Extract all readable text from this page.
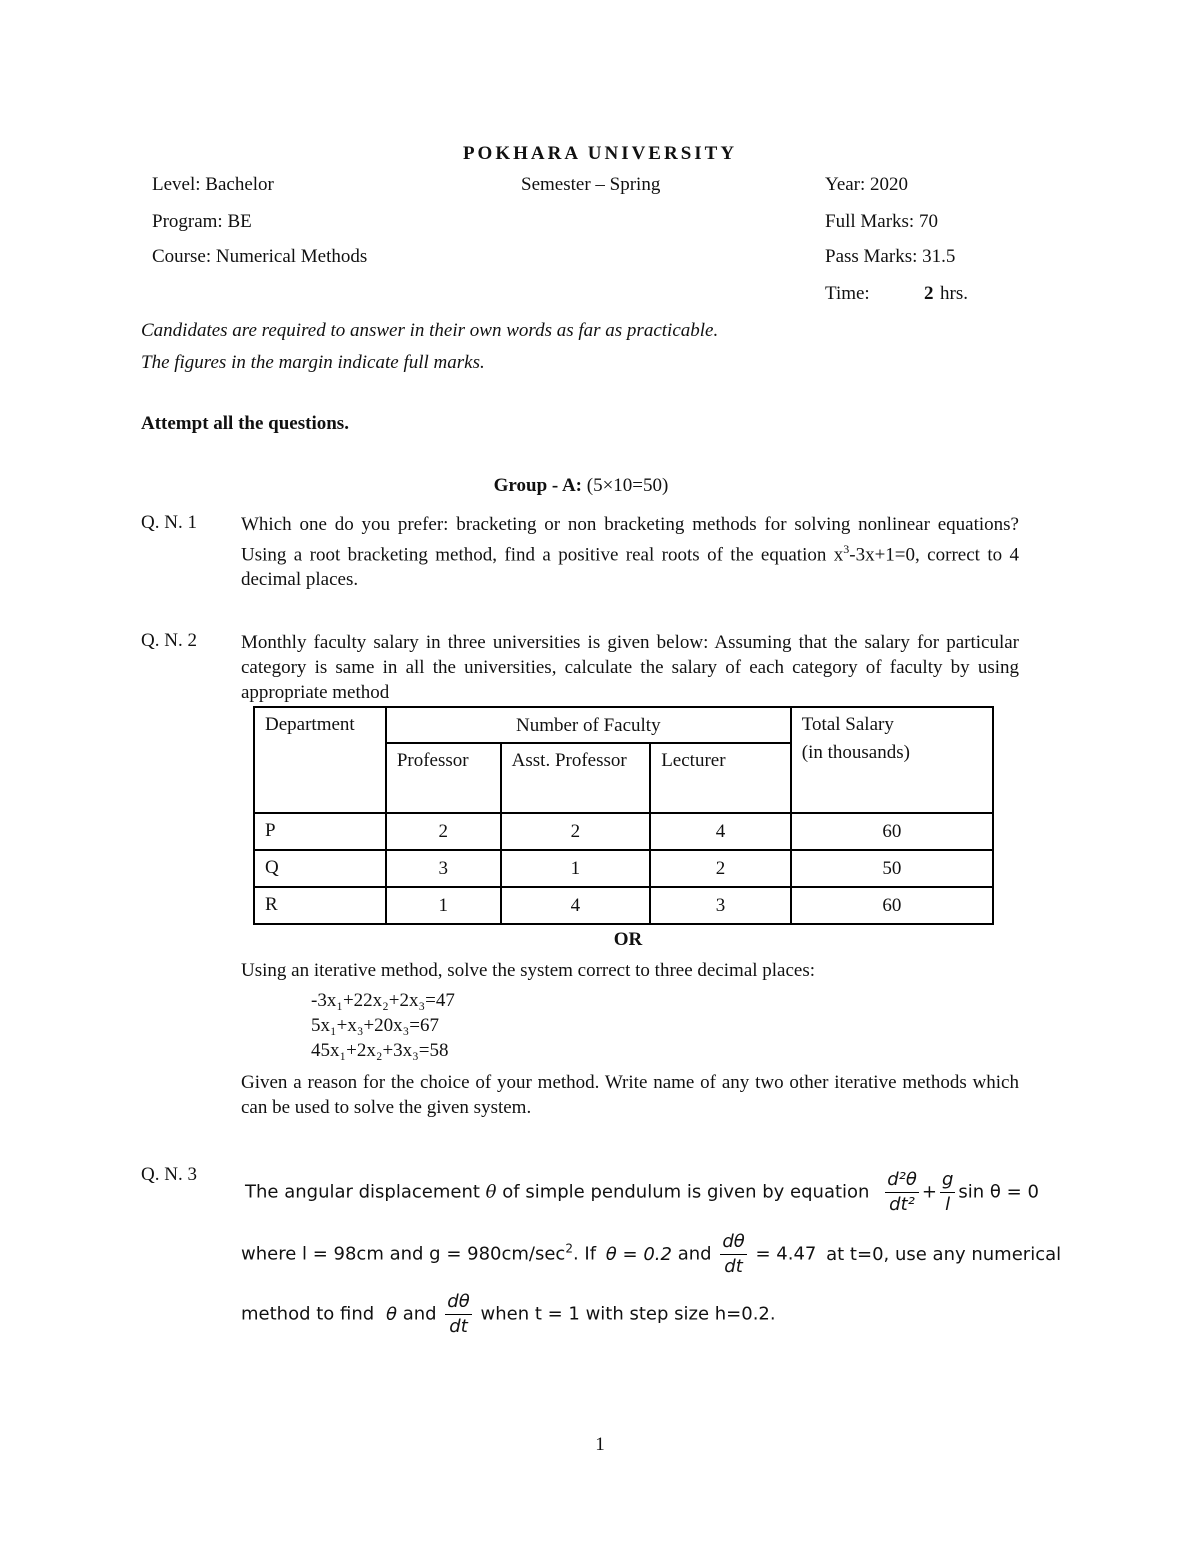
POKHARA UNIVERSITY
Level: Bachelor	Semester – Spring	Year: 2020
Program: BE	Full Marks: 70
Course: Numerical Methods	Pass Marks: 31.5
Time:	2 hrs.
Candidates are required to answer in their own words as far as practicable.
The figures in the margin indicate full marks.
Attempt all the questions.
Group - A: (5×10=50)
Q. N. 1 Which one do you prefer: bracketing or non bracketing methods for solving nonlinear equations? Using a root bracketing method, find a positive real roots of the equation $x^3-3x+1=0$, correct to 4 decimal places.
Q. N. 2 Monthly faculty salary in three universities is given below: Assuming that the salary for particular category is same in all the universities, calculate the salary of each category of faculty by using appropriate method
Department	Number of Faculty			Total Salary
(in thousands)

	Professor	Asst. Professor	Lecturer	
P	2	2	4	60
Q	3	1	2	50
R	1	4	3	60
OR
Using an iterative method, solve the system correct to three decimal places:
-3x₁+22x₂+2x₃=47
5x₁+x₃+20x₃=67
45x₁+2x₂+3x₃=58
Given a reason for the choice of your method. Write name of any two other iterative methods which can be used to solve the given system.
Q. N. 3
The angular displacement θ of simple pendulum is given by equation $\frac{\text{d²θ}}{\text{dt²}} + \frac{g}{l}$ sin θ = 0
where l = 98cm and $g = 980cm/\sec^2$. If θ = 0.2 and $\frac{d\theta}{dt} = 4.47$ at t=0, use any numerical
method to find θ and $\frac{d\theta}{dt}$ when t = 1 with step size h=0.2.
1
